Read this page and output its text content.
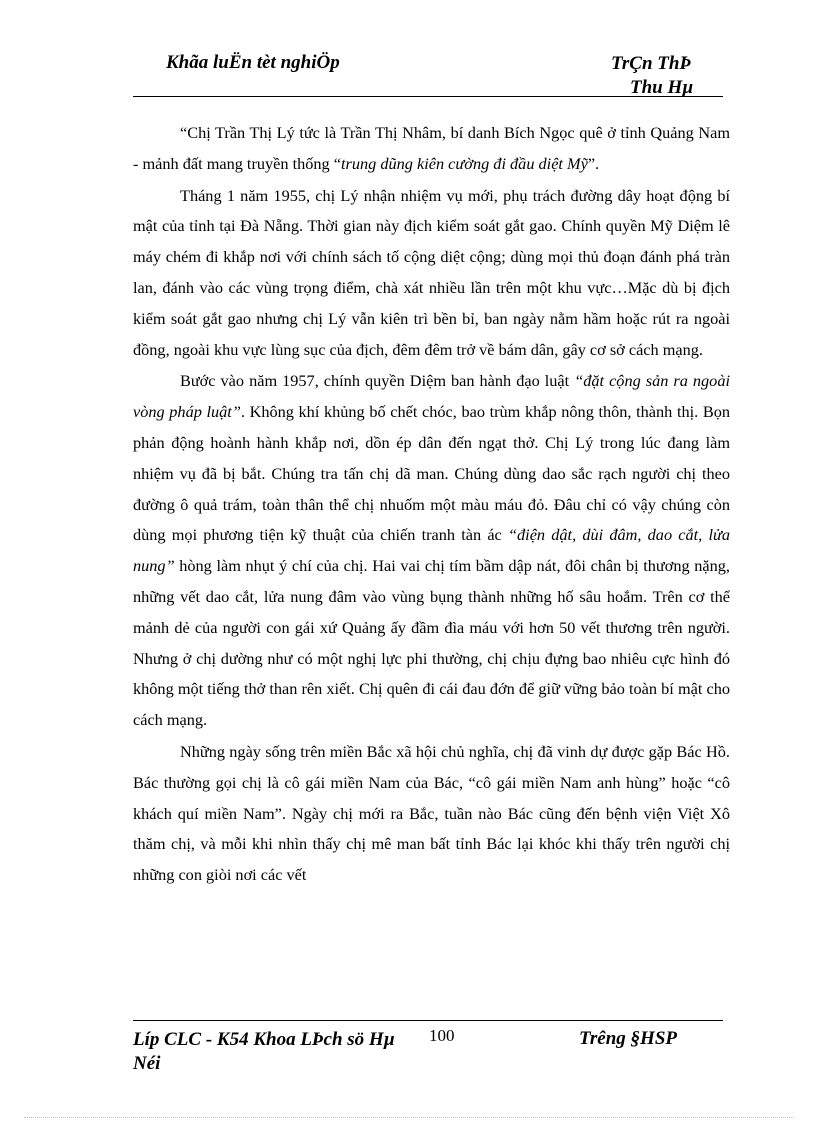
Khãa luËn tèt nghiÖp	TrÇn ThÞ
Thu Hµ

“Chị Trần Thị Lý tức là Trần Thị Nhâm, bí danh Bích Ngọc quê ở tỉnh Quảng Nam - mảnh đất mang truyền thống “trung dũng kiên cường đi đầu diệt Mỹ”.

Tháng 1 năm 1955, chị Lý nhận nhiệm vụ mới, phụ trách đường dây hoạt động bí mật của tỉnh tại Đà Nẵng. Thời gian này địch kiểm soát gắt gao. Chính quyền Mỹ Diệm lê máy chém đi khắp nơi với chính sách tố cộng diệt cộng; dùng mọi thủ đoạn đánh phá tràn lan, đánh vào các vùng trọng điểm, chà xát nhiều lần trên một khu vực…Mặc dù bị địch kiểm soát gắt gao nhưng chị Lý vẫn kiên trì bền bỉ, ban ngày nằm hầm hoặc rút ra ngoài đồng, ngoài khu vực lùng sục của địch, đêm đêm trở về bám dân, gây cơ sở cách mạng.

Bước vào năm 1957, chính quyền Diệm ban hành đạo luật “đặt cộng sản ra ngoài vòng pháp luật”. Không khí khủng bố chết chóc, bao trùm khắp nông thôn, thành thị. Bọn phản động hoành hành khắp nơi, dồn ép dân đến ngạt thở. Chị Lý trong lúc đang làm nhiệm vụ đã bị bắt. Chúng tra tấn chị dã man. Chúng dùng dao sắc rạch người chị theo đường ô quả trám, toàn thân thể chị nhuốm một màu máu đỏ. Đâu chỉ có vậy chúng còn dùng mọi phương tiện kỹ thuật của chiến tranh tàn ác “điện dật, dùi đâm, dao cắt, lửa nung” hòng làm nhụt ý chí của chị. Hai vai chị tím bầm dập nát, đôi chân bị thương nặng, những vết dao cắt, lửa nung đâm vào vùng bụng thành những hố sâu hoắm. Trên cơ thể mảnh dẻ của người con gái xứ Quảng ấy đầm đìa máu với hơn 50 vết thương trên người. Nhưng ở chị dường như có một nghị lực phi thường, chị chịu đựng bao nhiêu cực hình đó không một tiếng thở than rên xiết. Chị quên đi cái đau đớn để giữ vững bảo toàn bí mật cho cách mạng.

Những ngày sống trên miền Bắc xã hội chủ nghĩa, chị đã vinh dự được gặp Bác Hồ. Bác thường gọi chị là cô gái miền Nam của Bác, “cô gái miền Nam anh hùng” hoặc “cô khách quí miền Nam”. Ngày chị mới ra Bắc, tuần nào Bác cũng đến bệnh viện Việt Xô thăm chị, và mỗi khi nhìn thấy chị mê man bất tỉnh Bác lại khóc khi thấy trên người chị những con giòi nơi các vết

Líp CLC - K54 Khoa LÞch sö Hµ Néi
100	Trêng §HSP
